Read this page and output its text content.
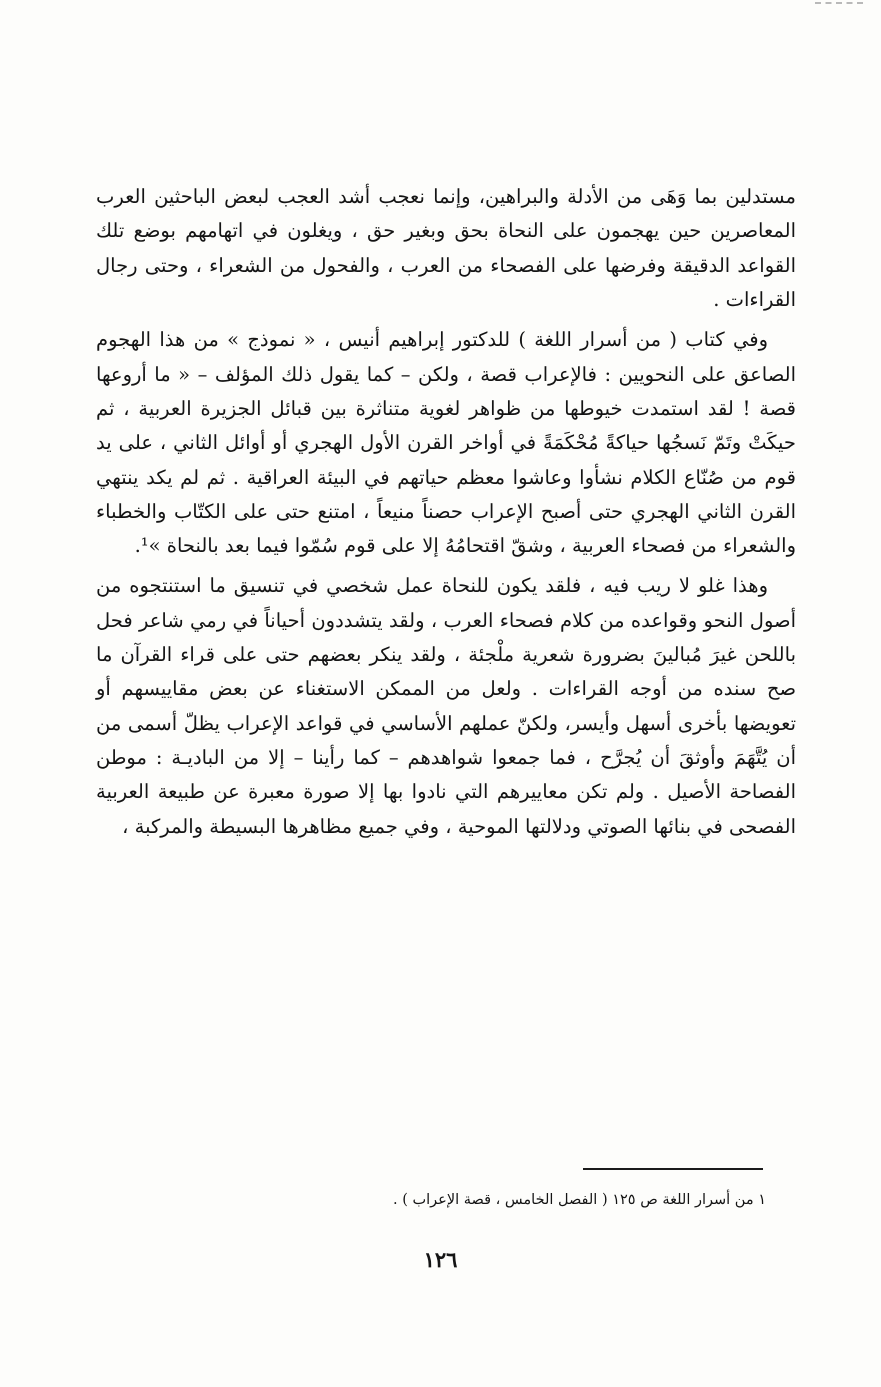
مستدلين بما وَهَى من الأدلة والبراهين، وإنما نعجب أشد العجب لبعض الباحثين العرب المعاصرين حين يهجمون على النحاة بحق وبغير حق ، ويغلون في اتهامهم بوضع تلك القواعد الدقيقة وفرضها على الفصحاء من العرب ، والفحول من الشعراء ، وحتى رجال القراءات .

وفي كتاب ( من أسرار اللغة ) للدكتور إبراهيم أنيس ، « نموذج » من هذا الهجوم الصاعق على النحويين : فالإعراب قصة ، ولكن – كما يقول ذلك المؤلف – « ما أروعها قصة ! لقد استمدت خيوطها من ظواهر لغوية متناثرة بين قبائل الجزيرة العربية ، ثم حيكَتْ وتَمّ نَسجُها حياكةً مُحْكَمَةً في أواخر القرن الأول الهجري أو أوائل الثاني ، على يد قوم من صُنّاع الكلام نشأوا وعاشوا معظم حياتهم في البيئة العراقية . ثم لم يكد ينتهي القرن الثاني الهجري حتى أصبح الإعراب حصناً منيعاً ، امتنع حتى على الكتّاب والخطباء والشعراء من فصحاء العربية ، وشقّ اقتحامُهُ إلا على قوم سُمّوا فيما بعد بالنحاة »¹.

وهذا غلو لا ريب فيه ، فلقد يكون للنحاة عمل شخصي في تنسيق ما استنتجوه من أصول النحو وقواعده من كلام فصحاء العرب ، ولقد يتشددون أحياناً في رمي شاعر فحل باللحن غيرَ مُبالينَ بضرورة شعرية ملْجئة ، ولقد ينكر بعضهم حتى على قراء القرآن ما صح سنده من أوجه القراءات . ولعل من الممكن الاستغناء عن بعض مقاييسهم أو تعويضها بأخرى أسهل وأيسر، ولكنّ عملهم الأساسي في قواعد الإعراب يظلّ أسمى من أن يُتَّهَمَ وأوثقَ أن يُجرَّح ، فما جمعوا شواهدهم – كما رأينا – إلا من الباديـة : موطن الفصاحة الأصيل . ولم تكن معاييرهم التي نادوا بها إلا صورة معبرة عن طبيعة العربية الفصحى في بنائها الصوتي ودلالتها الموحية ، وفي جميع مظاهرها البسيطة والمركبة ،

١ من أسرار اللغة ص ١٢٥ ( الفصل الخامس ، قصة الإعراب ) .
١٢٦
